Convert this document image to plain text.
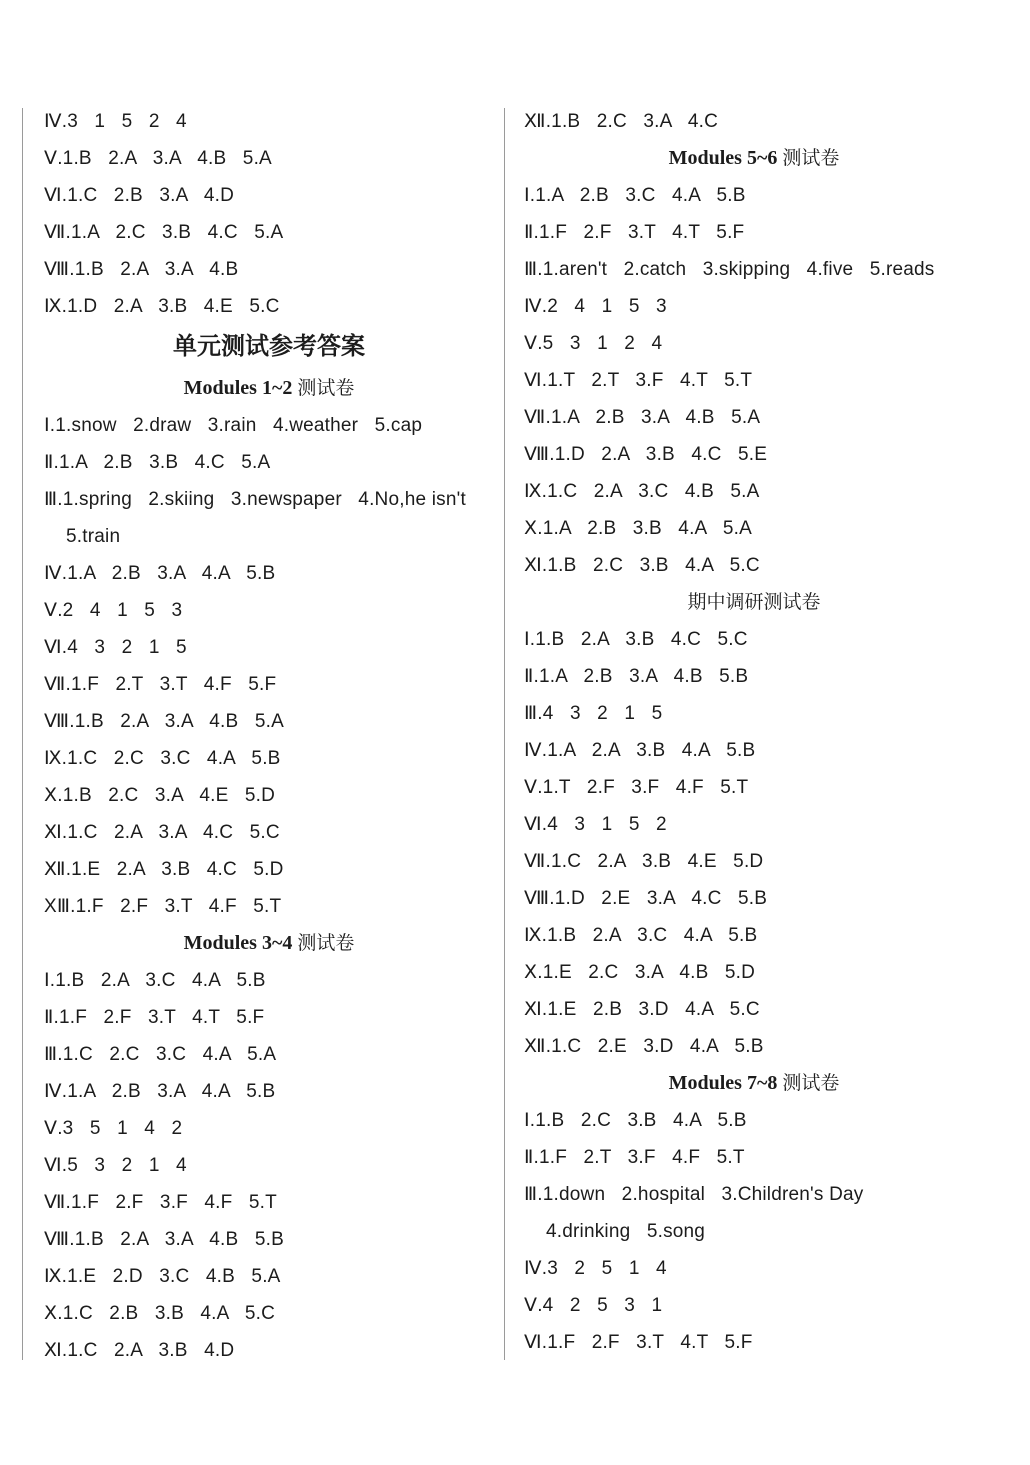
Ⅳ.3   1   5   2   4
Ⅴ.1.B   2.A   3.A   4.B   5.A
Ⅵ.1.C   2.B   3.A   4.D
Ⅶ.1.A   2.C   3.B   4.C   5.A
Ⅷ.1.B   2.A   3.A   4.B
Ⅸ.1.D   2.A   3.B   4.E   5.C
单元测试参考答案
Modules 1~2 测试卷
Ⅰ.1.snow   2.draw   3.rain   4.weather   5.cap
Ⅱ.1.A   2.B   3.B   4.C   5.A
Ⅲ.1.spring   2.skiing   3.newspaper   4.No,he isn't
5.train
Ⅳ.1.A   2.B   3.A   4.A   5.B
Ⅴ.2   4   1   5   3
Ⅵ.4   3   2   1   5
Ⅶ.1.F   2.T   3.T   4.F   5.F
Ⅷ.1.B   2.A   3.A   4.B   5.A
Ⅸ.1.C   2.C   3.C   4.A   5.B
Ⅹ.1.B   2.C   3.A   4.E   5.D
Ⅺ.1.C   2.A   3.A   4.C   5.C
Ⅻ.1.E   2.A   3.B   4.C   5.D
XⅢ.1.F   2.F   3.T   4.F   5.T
Modules 3~4 测试卷
Ⅰ.1.B   2.A   3.C   4.A   5.B
Ⅱ.1.F   2.F   3.T   4.T   5.F
Ⅲ.1.C   2.C   3.C   4.A   5.A
Ⅳ.1.A   2.B   3.A   4.A   5.B
Ⅴ.3   5   1   4   2
Ⅵ.5   3   2   1   4
Ⅶ.1.F   2.F   3.F   4.F   5.T
Ⅷ.1.B   2.A   3.A   4.B   5.B
Ⅸ.1.E   2.D   3.C   4.B   5.A
Ⅹ.1.C   2.B   3.B   4.A   5.C
Ⅺ.1.C   2.A   3.B   4.D
Ⅻ.1.B   2.C   3.A   4.C
Modules 5~6 测试卷
Ⅰ.1.A   2.B   3.C   4.A   5.B
Ⅱ.1.F   2.F   3.T   4.T   5.F
Ⅲ.1.aren't   2.catch   3.skipping   4.five   5.reads
Ⅳ.2   4   1   5   3
Ⅴ.5   3   1   2   4
Ⅵ.1.T   2.T   3.F   4.T   5.T
Ⅶ.1.A   2.B   3.A   4.B   5.A
Ⅷ.1.D   2.A   3.B   4.C   5.E
Ⅸ.1.C   2.A   3.C   4.B   5.A
Ⅹ.1.A   2.B   3.B   4.A   5.A
Ⅺ.1.B   2.C   3.B   4.A   5.C
期中调研测试卷
Ⅰ.1.B   2.A   3.B   4.C   5.C
Ⅱ.1.A   2.B   3.A   4.B   5.B
Ⅲ.4   3   2   1   5
Ⅳ.1.A   2.A   3.B   4.A   5.B
Ⅴ.1.T   2.F   3.F   4.F   5.T
Ⅵ.4   3   1   5   2
Ⅶ.1.C   2.A   3.B   4.E   5.D
Ⅷ.1.D   2.E   3.A   4.C   5.B
Ⅸ.1.B   2.A   3.C   4.A   5.B
Ⅹ.1.E   2.C   3.A   4.B   5.D
Ⅺ.1.E   2.B   3.D   4.A   5.C
Ⅻ.1.C   2.E   3.D   4.A   5.B
Modules 7~8 测试卷
Ⅰ.1.B   2.C   3.B   4.A   5.B
Ⅱ.1.F   2.T   3.F   4.F   5.T
Ⅲ.1.down   2.hospital   3.Children's Day
4.drinking   5.song
Ⅳ.3   2   5   1   4
Ⅴ.4   2   5   3   1
Ⅵ.1.F   2.F   3.T   4.T   5.F
